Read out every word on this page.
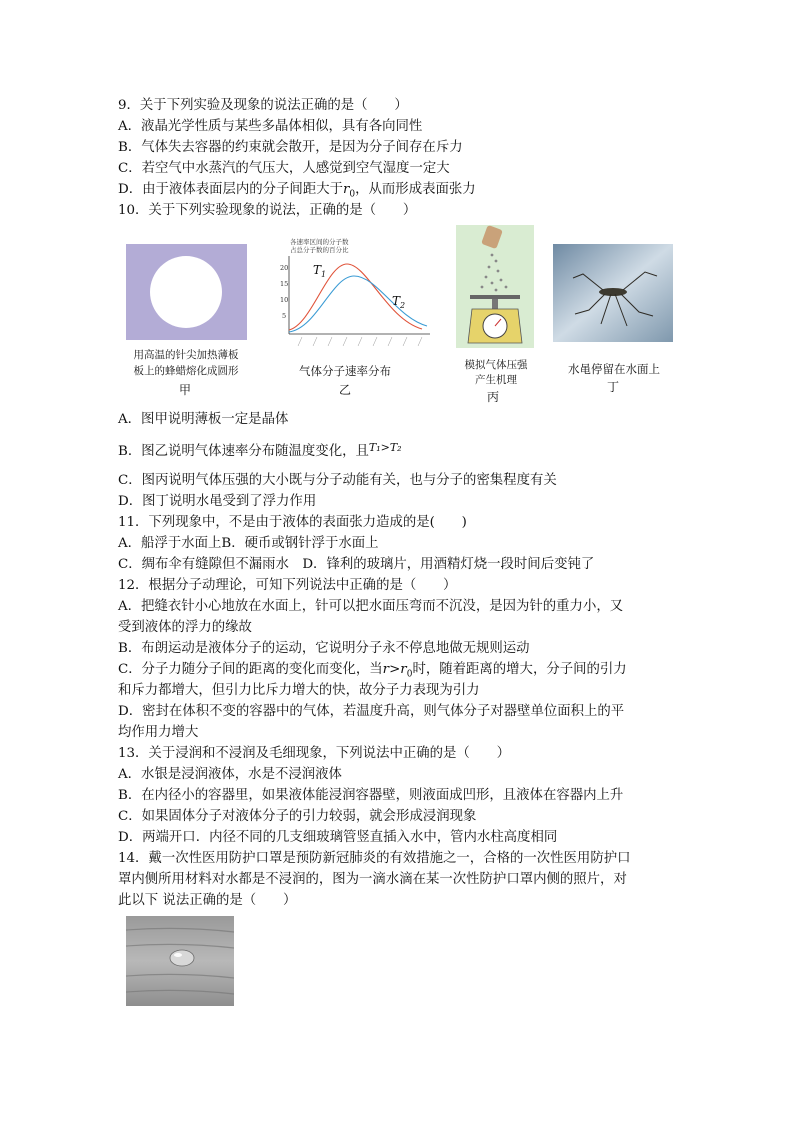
9．关于下列实验及现象的说法正确的是（　　）
A．液晶光学性质与某些多晶体相似，具有各向同性
B．气体失去容器的约束就会散开，是因为分子间存在斥力
C．若空气中水蒸汽的气压大，人感觉到空气湿度一定大
D．由于液体表面层内的分子间距大于$r_0$，从而形成表面张力
10．关于下列实验现象的说法，正确的是（　　）
用高温的针尖加热薄板
板上的蜂蜡熔化成圆形
甲
各速率区间的分子数
占总分子数的百分比
20
15
10
5
$T_1$
$T_2$
气体分子速率分布
乙
模拟气体压强
产生机理
丙
水黾停留在水面上
丁
A．图甲说明薄板一定是晶体
B．图乙说明气体速率分布随温度变化，且$^{T_1>T_2}$
C．图丙说明气体压强的大小既与分子动能有关，也与分子的密集程度有关
D．图丁说明水黾受到了浮力作用
11．下列现象中，不是由于液体的表面张力造成的是(　　)
A．船浮于水面上B．硬币或钢针浮于水面上
C．绸布伞有缝隙但不漏雨水　D．锋利的玻璃片，用酒精灯烧一段时间后变钝了
12．根据分子动理论，可知下列说法中正确的是（　　）
A．把缝衣针小心地放在水面上，针可以把水面压弯而不沉没，是因为针的重力小，又
受到液体的浮力的缘故
B．布朗运动是液体分子的运动，它说明分子永不停息地做无规则运动
C．分子力随分子间的距离的变化而变化，当$r>r_0$时，随着距离的增大，分子间的引力
和斥力都增大，但引力比斥力增大的快，故分子力表现为引力
D．密封在体积不变的容器中的气体，若温度升高，则气体分子对器壁单位面积上的平
均作用力增大
13．关于浸润和不浸润及毛细现象，下列说法中正确的是（　　）
A．水银是浸润液体，水是不浸润液体
B．在内径小的容器里，如果液体能浸润容器壁，则液面成凹形，且液体在容器内上升
C．如果固体分子对液体分子的引力较弱，就会形成浸润现象
D．两端开口．内径不同的几支细玻璃管竖直插入水中，管内水柱高度相同
14．戴一次性医用防护口罩是预防新冠肺炎的有效措施之一，合格的一次性医用防护口
罩内侧所用材料对水都是不浸润的，图为一滴水滴在某一次性防护口罩内侧的照片，对
此以下 说法正确的是（　　）
